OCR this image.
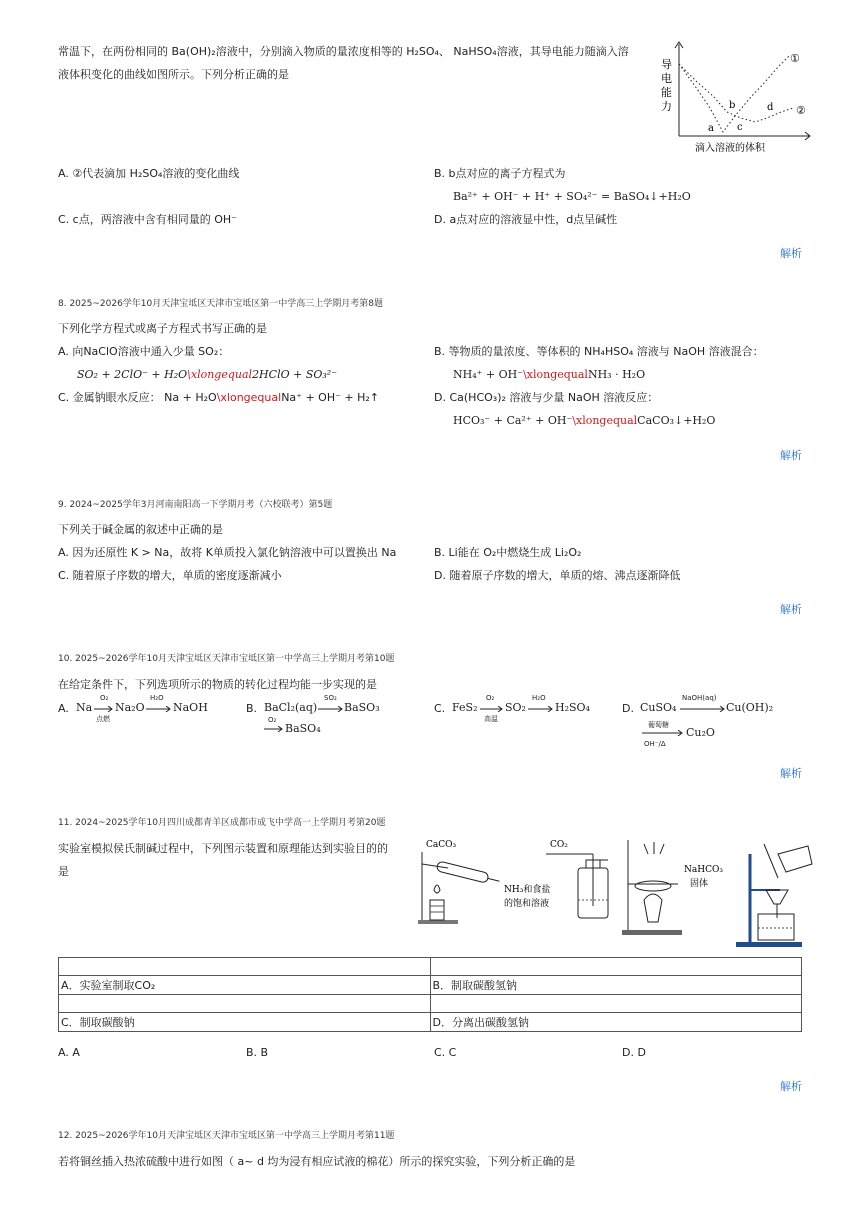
常温下，在两份相同的 Ba(OH)₂溶液中，分别滴入物质的量浓度相等的 H₂SO₄、 NaHSO₄溶液，其导电能力随滴入溶
液体积变化的曲线如图所示。下列分析正确的是
导
电
能
力
滴入溶液的体积
①
②
a
b
c
d
A. ②代表滴加 H₂SO₄溶液的变化曲线	B. b点对应的离子方程式为
Ba²⁺ + OH⁻ + H⁺ + SO₄²⁻ = BaSO₄↓+H₂O
C. c点，两溶液中含有相同量的 OH⁻	D. a点对应的溶液显中性，d点呈碱性
解析
8. 2025~2026学年10月天津宝坻区天津市宝坻区第一中学高三上学期月考第8题
下列化学方程式或离子方程式书写正确的是
A. 向NaClO溶液中通入少量 SO₂：
SO₂ + 2ClO⁻ + H₂O\xlongequal2HClO + SO₃²⁻
B. 等物质的量浓度、等体积的 NH₄HSO₄ 溶液与 NaOH 溶液混合：
NH₄⁺ + OH⁻\xlongequalNH₃ · H₂O
C. 金属钠眼水反应： Na + H₂O\xlongequalNa⁺ + OH⁻ + H₂↑	D. Ca(HCO₃)₂ 溶液与少量 NaOH 溶液反应：
HCO₃⁻ + Ca²⁺ + OH⁻\xlongequalCaCO₃↓+H₂O
解析
9. 2024~2025学年3月河南南阳高一下学期月考（六校联考）第5题
下列关于碱金属的叙述中正确的是
A. 因为还原性 K > Na，故将 K单质投入氯化钠溶液中可以置换出 Na	B. Li能在 O₂中燃烧生成 Li₂O₂
C. 随着原子序数的增大，单质的密度逐渐减小	D. 随着原子序数的增大，单质的熔、沸点逐渐降低
解析
10. 2025~2026学年10月天津宝坻区天津市宝坻区第一中学高三上学期月考第10题
在给定条件下，下列选项所示的物质的转化过程均能一步实现的是
A. Na
O₂
点燃
Na₂O
H₂O
NaOH	B. BaCl₂(aq)
SO₂
BaSO₃
O₂
BaSO₄
C. FeS₂
O₂
高温
SO₂
H₂O
H₂SO₄	D. CuSO₄
NaOH(aq)
Cu(OH)₂
葡萄糖
OH⁻/Δ
Cu₂O
解析
11. 2024~2025学年10月四川成都青羊区成都市成飞中学高一上学期月考第20题
实验室模拟侯氏制碱过程中，下列图示装置和原理能达到实验目的的
是
CaCO₃	CO₂
NH₃和食盐
的饱和溶液
NaHCO₃
固体

A．实验室制取CO₂	B．制取碳酸氢钠

C．制取碳酸钠	D．分离出碳酸氢钠
A. A	B. B	C. C	D. D
解析
12. 2025~2026学年10月天津宝坻区天津市宝坻区第一中学高三上学期月考第11题
若将铜丝插入热浓硫酸中进行如图（ a~ d 均为浸有相应试液的棉花）所示的探究实验，下列分析正确的是
